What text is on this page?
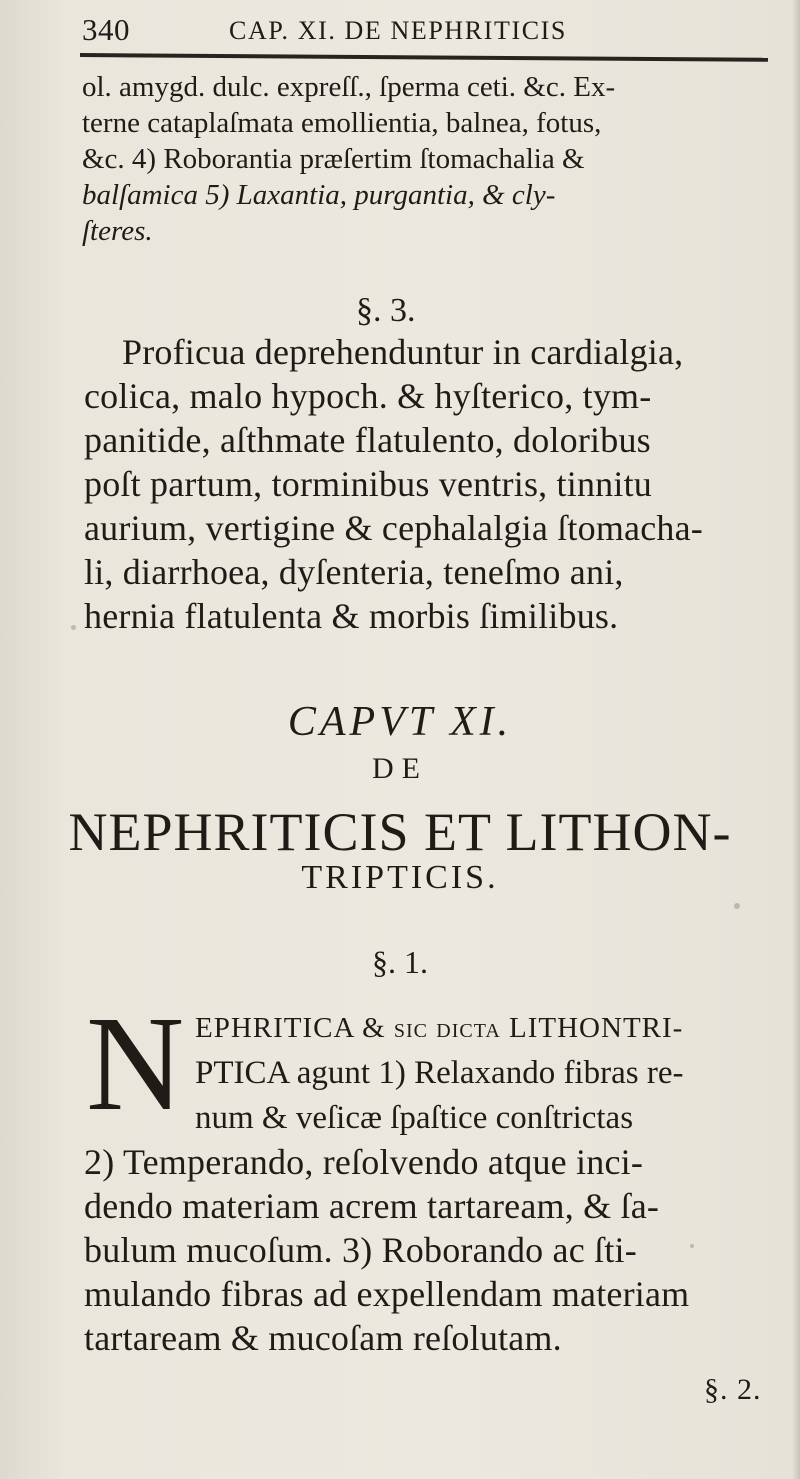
340	CAP. XI. DE NEPHRITICIS
ol. amygd. dulc. expreſſ., ſperma ceti. &c. Ex-
terne cataplaſmata emollientia, balnea, fotus,
&c. 4) Roborantia præſertim ſtomachalia &
balſamica 5) Laxantia, purgantia, & cly-
ſteres.
§. 3.
Proficua deprehenduntur in cardialgia,
colica, malo hypoch. & hyſterico, tym-
panitide, aſthmate flatulento, doloribus
poſt partum, torminibus ventris, tinnitu
aurium, vertigine & cephalalgia ſtomacha-
li, diarrhoea, dyſenteria, teneſmo ani,
hernia flatulenta & morbis ſimilibus.
CAPVT XI.
DE
NEPHRITICIS ET LITHON-
TRIPTICIS.
§. 1.
N EPHRITICA & ſic dicta LITHONTRI-
PTICA agunt 1) Relaxando fibras re-
num & veſicæ ſpaſtice conſtrictas
2) Temperando, reſolvendo atque inci-
dendo materiam acrem tartaream, & ſa-
bulum mucoſum. 3) Roborando ac ſti-
mulando fibras ad expellendam materiam
tartaream & mucoſam reſolutam.
§. 2.
